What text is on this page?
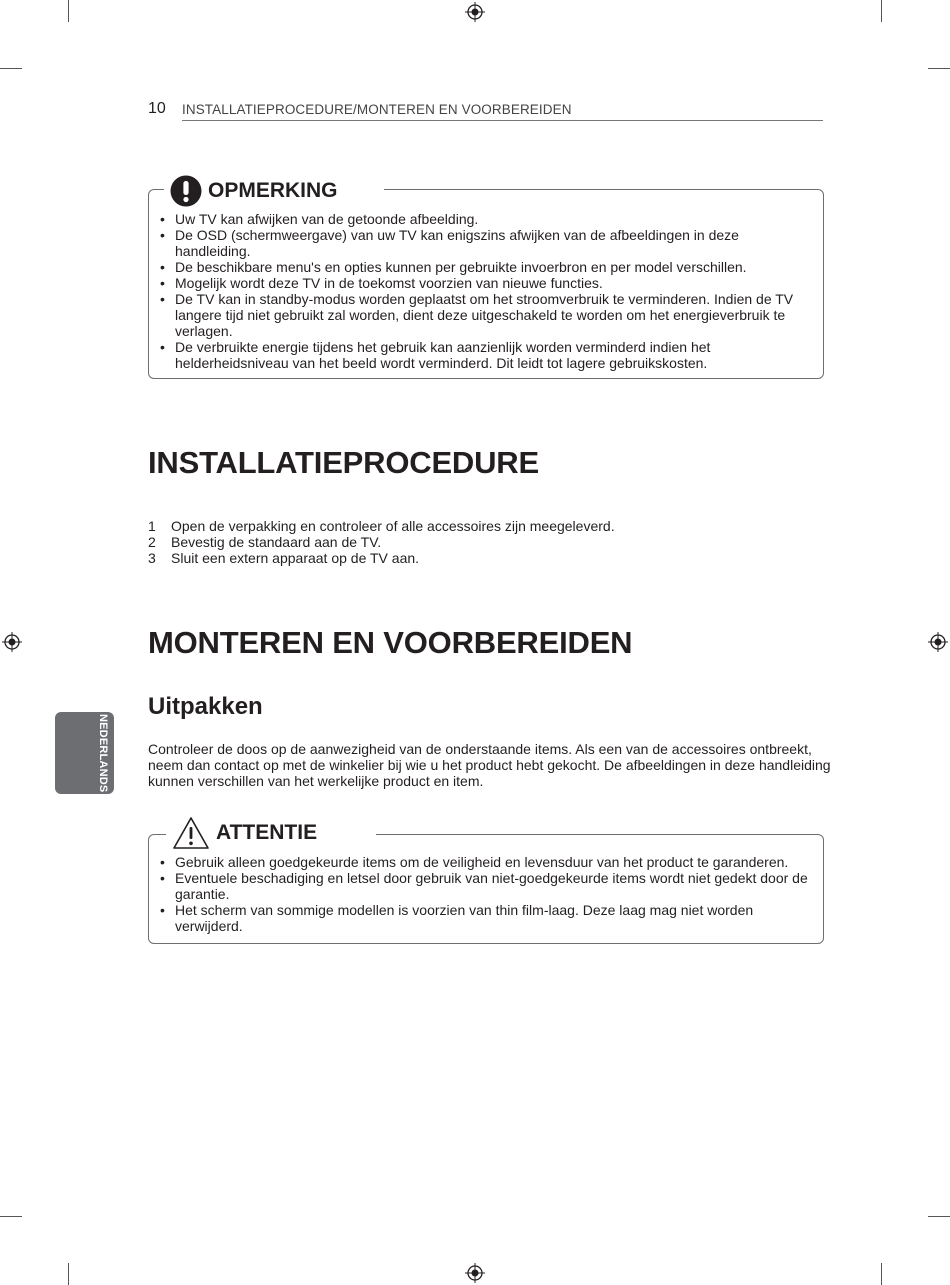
10 INSTALLATIEPROCEDURE/MONTEREN EN VOORBEREIDEN
OPMERKING
• Uw TV kan afwijken van de getoonde afbeelding.
• De OSD (schermweergave) van uw TV kan enigszins afwijken van de afbeeldingen in deze handleiding.
• De beschikbare menu's en opties kunnen per gebruikte invoerbron en per model verschillen.
• Mogelijk wordt deze TV in de toekomst voorzien van nieuwe functies.
• De TV kan in standby-modus worden geplaatst om het stroomverbruik te verminderen. Indien de TV langere tijd niet gebruikt zal worden, dient deze uitgeschakeld te worden om het energieverbruik te verlagen.
• De verbruikte energie tijdens het gebruik kan aanzienlijk worden verminderd indien het helderheidsniveau van het beeld wordt verminderd. Dit leidt tot lagere gebruikskosten.
INSTALLATIEPROCEDURE
1	Open de verpakking en controleer of alle accessoires zijn meegeleverd.
2	Bevestig de standaard aan de TV.
3	Sluit een extern apparaat op de TV aan.
MONTEREN EN VOORBEREIDEN
Uitpakken
Controleer de doos op de aanwezigheid van de onderstaande items. Als een van de accessoires ontbreekt, neem dan contact op met de winkelier bij wie u het product hebt gekocht. De afbeeldingen in deze handleiding kunnen verschillen van het werkelijke product en item.
NEDERLANDS
ATTENTIE
• Gebruik alleen goedgekeurde items om de veiligheid en levensduur van het product te garanderen.
• Eventuele beschadiging en letsel door gebruik van niet-goedgekeurde items wordt niet gedekt door de garantie.
• Het scherm van sommige modellen is voorzien van thin film-laag. Deze laag mag niet worden verwijderd.
